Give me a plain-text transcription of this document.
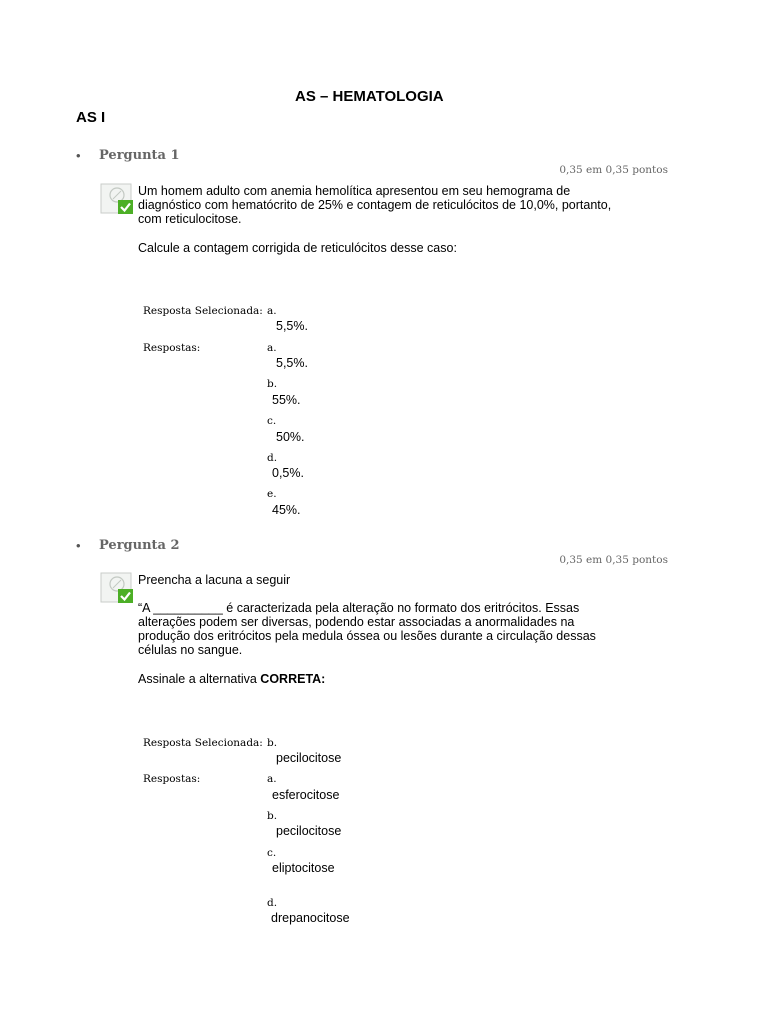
AS – HEMATOLOGIA
AS I
• Pergunta 1
0,35 em 0,35 pontos
Um homem adulto com anemia hemolítica apresentou em seu hemograma de
diagnóstico com hematócrito de 25% e contagem de reticulócitos de 10,0%, portanto,
com reticulocitose.
Calcule a contagem corrigida de reticulócitos desse caso:
Resposta Selecionada: a.
5,5%.
Respostas:	a.
5,5%.
b.
55%.
c.
50%.
d.
0,5%.
e.
45%.
• Pergunta 2
0,35 em 0,35 pontos
Preencha a lacuna a seguir
“A __________ é caracterizada pela alteração no formato dos eritrócitos. Essas
alterações podem ser diversas, podendo estar associadas a anormalidades na
produção dos eritrócitos pela medula óssea ou lesões durante a circulação dessas
células no sangue.
Assinale a alternativa CORRETA:
Resposta Selecionada: b.
pecilocitose
Respostas:	a.
esferocitose
b.
pecilocitose
c.
eliptocitose
d.
drepanocitose
